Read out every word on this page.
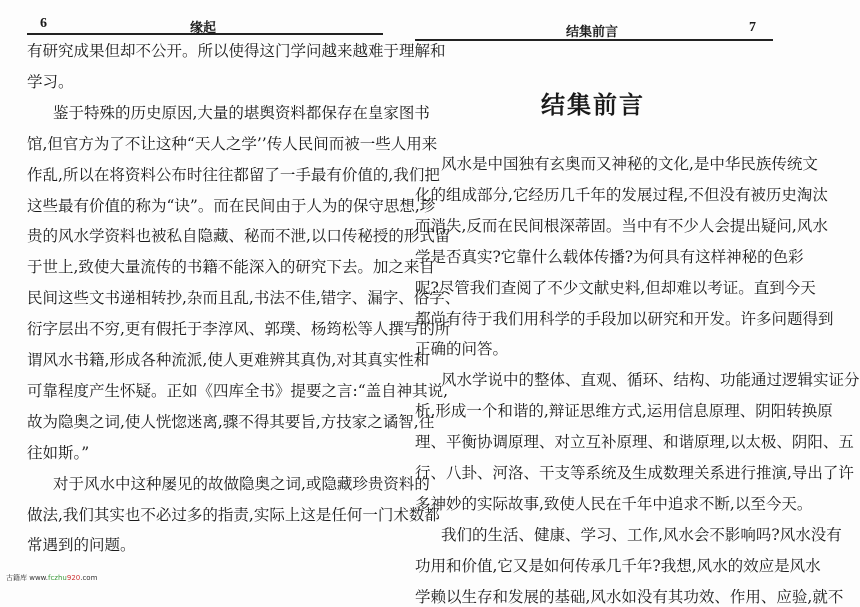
6	缘起
有研究成果但却不公开。所以使得这门学问越来越难于理解和
学习。
鉴于特殊的历史原因,大量的堪舆资料都保存在皇家图书
馆,但官方为了不让这种“天人之学’’传人民间而被一些人用来
作乱,所以在将资料公布时往往都留了一手最有价值的,我们把
这些最有价值的称为“诀”。而在民间由于人为的保守思想,珍
贵的风水学资料也被私自隐藏、秘而不泄,以口传秘授的形式留
于世上,致使大量流传的书籍不能深入的研究下去。加之来自
民间这些文书递相转抄,杂而且乱,书法不佳,错字、漏字、俗字、
衍字层出不穷,更有假托于李淳风、郭璞、杨筠松等人撰写的所
谓风水书籍,形成各种流派,使人更难辨其真伪,对其真实性和
可靠程度产生怀疑。正如《四库全书》提要之言:“盖自神其说,
故为隐奥之词,使人恍惚迷离,骤不得其要旨,方技家之谲智,往
往如斯。”
对于风水中这种屡见的故做隐奥之词,或隐藏珍贵资料的
做法,我们其实也不必过多的指责,实际上这是任何一门术数都
常遇到的问题。
结集前言	7
结集前言
风水是中国独有玄奥而又神秘的文化,是中华民族传统文
化的组成部分,它经历几千年的发展过程,不但没有被历史淘汰
而消失,反而在民间根深蒂固。当中有不少人会提出疑问,风水
学是否真实?它靠什么载体传播?为何具有这样神秘的色彩
呢?尽管我们查阅了不少文献史料,但却难以考证。直到今天
都尚有待于我们用科学的手段加以研究和开发。许多问题得到
正确的问答。
风水学说中的整体、直观、循环、结构、功能通过逻辑实证分
析,形成一个和谐的,辩证思维方式,运用信息原理、阴阳转换原
理、平衡协调原理、对立互补原理、和谐原理,以太极、阴阳、五
行、八卦、河洛、干支等系统及生成数理关系进行推演,导出了许
多神妙的实际故事,致使人民在千年中追求不断,以至今天。
我们的生活、健康、学习、工作,风水会不影响吗?风水没有
功用和价值,它又是如何传承几千年?我想,风水的效应是风水
学赖以生存和发展的基础,风水如没有其功效、作用、应验,就不
古籍库 www.fczhu920.com
